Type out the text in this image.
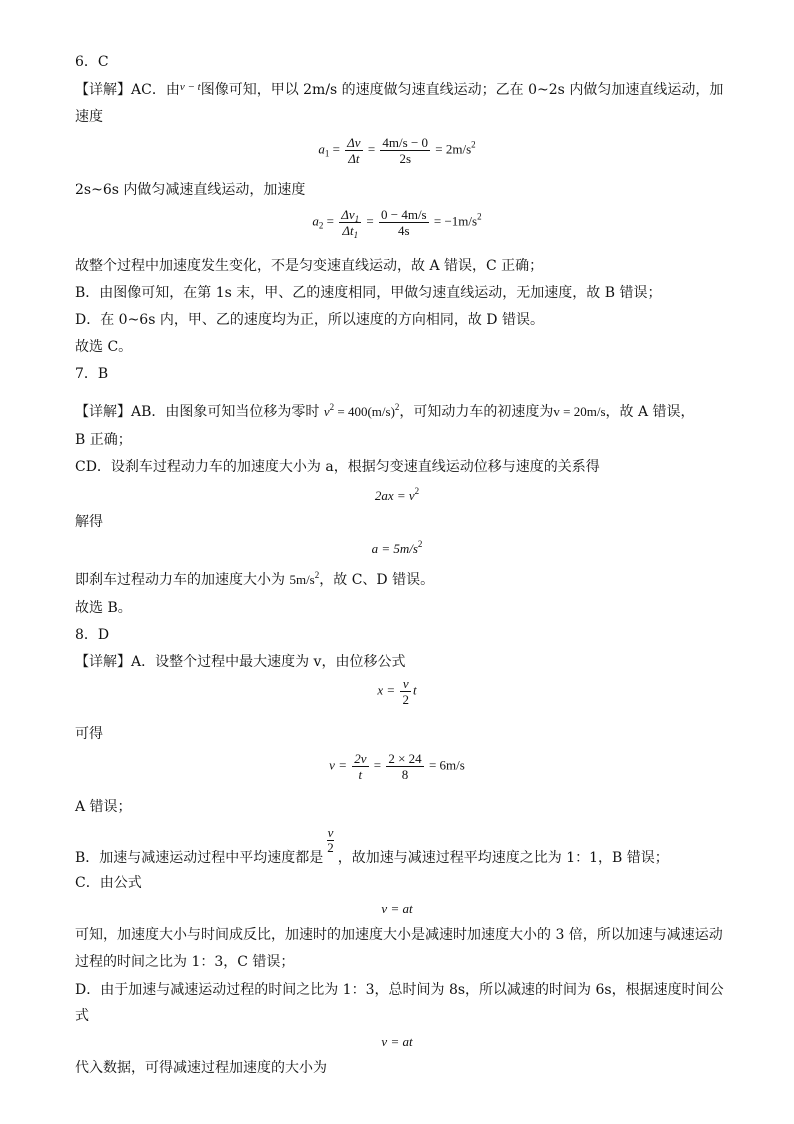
6．C
【详解】AC．由$^{v - t}$图像可知，甲以 2m/s 的速度做匀速直线运动；乙在 0~2s 内做匀加速直线运动，加
速度
$a_1 = \frac{\Delta v}{\Delta t} = \frac{4m/s - 0}{2s} = 2m/s^2$
2s~6s 内做匀减速直线运动，加速度
$a_2 = \frac{\Delta v_1}{\Delta t_1} = \frac{0 - 4m/s}{4s} = -1m/s^2$
故整个过程中加速度发生变化，不是匀变速直线运动，故 A 错误，C 正确；
B．由图像可知，在第 1s 末，甲、乙的速度相同，甲做匀速直线运动，无加速度，故 B 错误；
D．在 0~6s 内，甲、乙的速度均为正，所以速度的方向相同，故 D 错误。
故选 C。
7．B
【详解】AB．由图象可知当位移为零时 $v^2 = 400(m/s)^2$，可知动力车的初速度为v = 20m/s，故 A 错误，
B 正确；
CD．设刹车过程动力车的加速度大小为 a，根据匀变速直线运动位移与速度的关系得
$2ax = v^2$
解得
$a = 5m/s^2$
即刹车过程动力车的加速度大小为 $5m/s^2$，故 C、D 错误。
故选 B。
8．D
【详解】A．设整个过程中最大速度为 v，由位移公式
$x = \frac{v}{2}$ t
可得
$v = \frac{2v}{t} = \frac{2 \times 24}{8} = 6m/s$
A 错误；
B．加速与减速运动过程中平均速度都是
$\frac{v}{2}$
，故加速与减速过程平均速度之比为 1：1，B 错误；
C．由公式
v = at
可知，加速度大小与时间成反比，加速时的加速度大小是减速时加速度大小的 3 倍，所以加速与减速运动
过程的时间之比为 1：3，C 错误；
D．由于加速与减速运动过程的时间之比为 1：3，总时间为 8s，所以减速的时间为 6s，根据速度时间公
式
v = at
代入数据，可得减速过程加速度的大小为
